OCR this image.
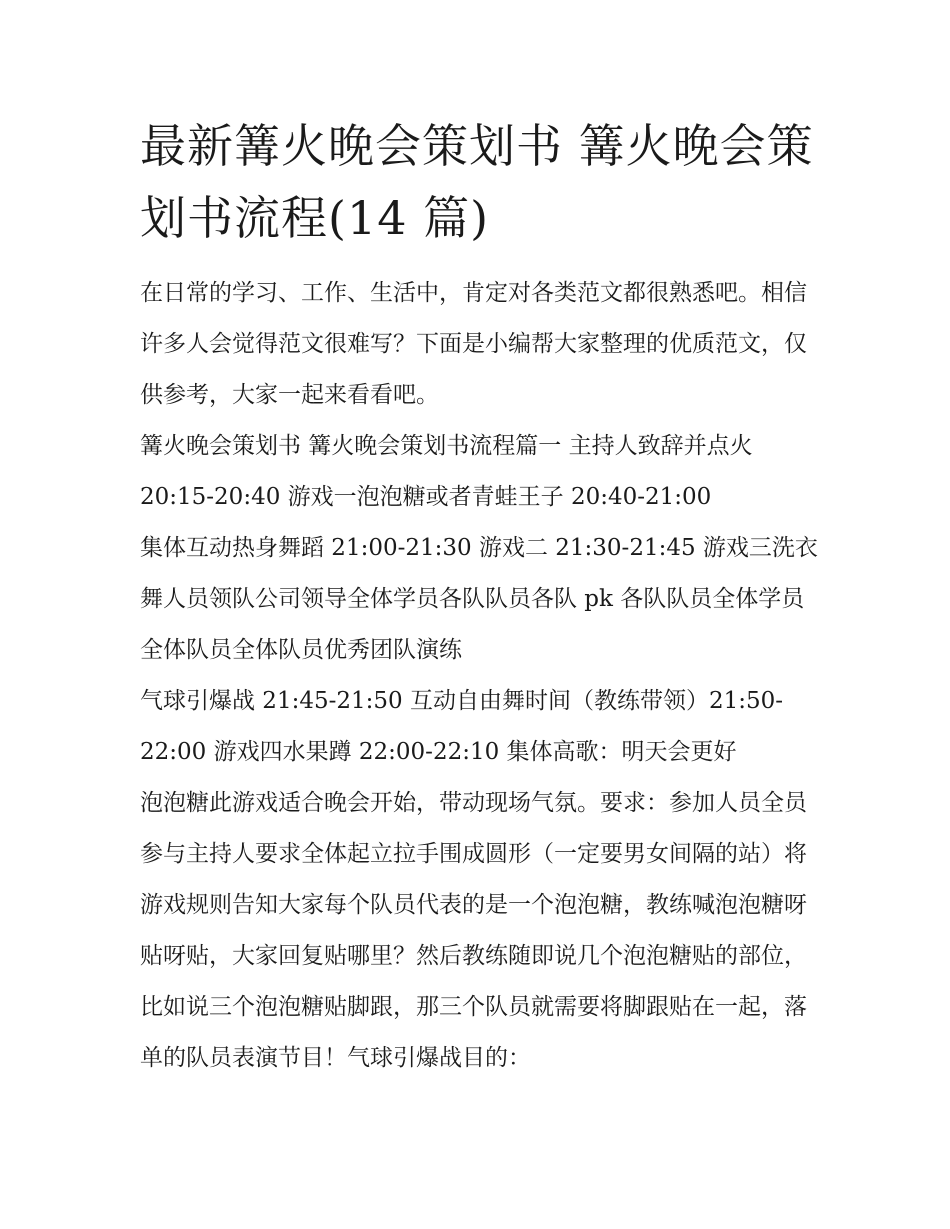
最新篝火晚会策划书 篝火晚会策划书流程(14 篇)

在日常的学习、工作、生活中，肯定对各类范文都很熟悉吧。相信许多人会觉得范文很难写？下面是小编帮大家整理的优质范文，仅供参考，大家一起来看看吧。

篝火晚会策划书 篝火晚会策划书流程篇一 主持人致辞并点火 20:15-20:40 游戏一泡泡糖或者青蛙王子 20:40-21:00

集体互动热身舞蹈 21:00-21:30 游戏二 21:30-21:45 游戏三洗衣舞人员领队公司领导全体学员各队队员各队 pk 各队队员全体学员全体队员全体队员优秀团队演练

气球引爆战 21:45-21:50 互动自由舞时间（教练带领）21:50-22:00 游戏四水果蹲 22:00-22:10 集体高歌：明天会更好

泡泡糖此游戏适合晚会开始，带动现场气氛。要求：参加人员全员参与主持人要求全体起立拉手围成圆形（一定要男女间隔的站）将游戏规则告知大家每个队员代表的是一个泡泡糖，教练喊泡泡糖呀贴呀贴，大家回复贴哪里？然后教练随即说几个泡泡糖贴的部位，比如说三个泡泡糖贴脚跟，那三个队员就需要将脚跟贴在一起，落单的队员表演节目！气球引爆战目的：
